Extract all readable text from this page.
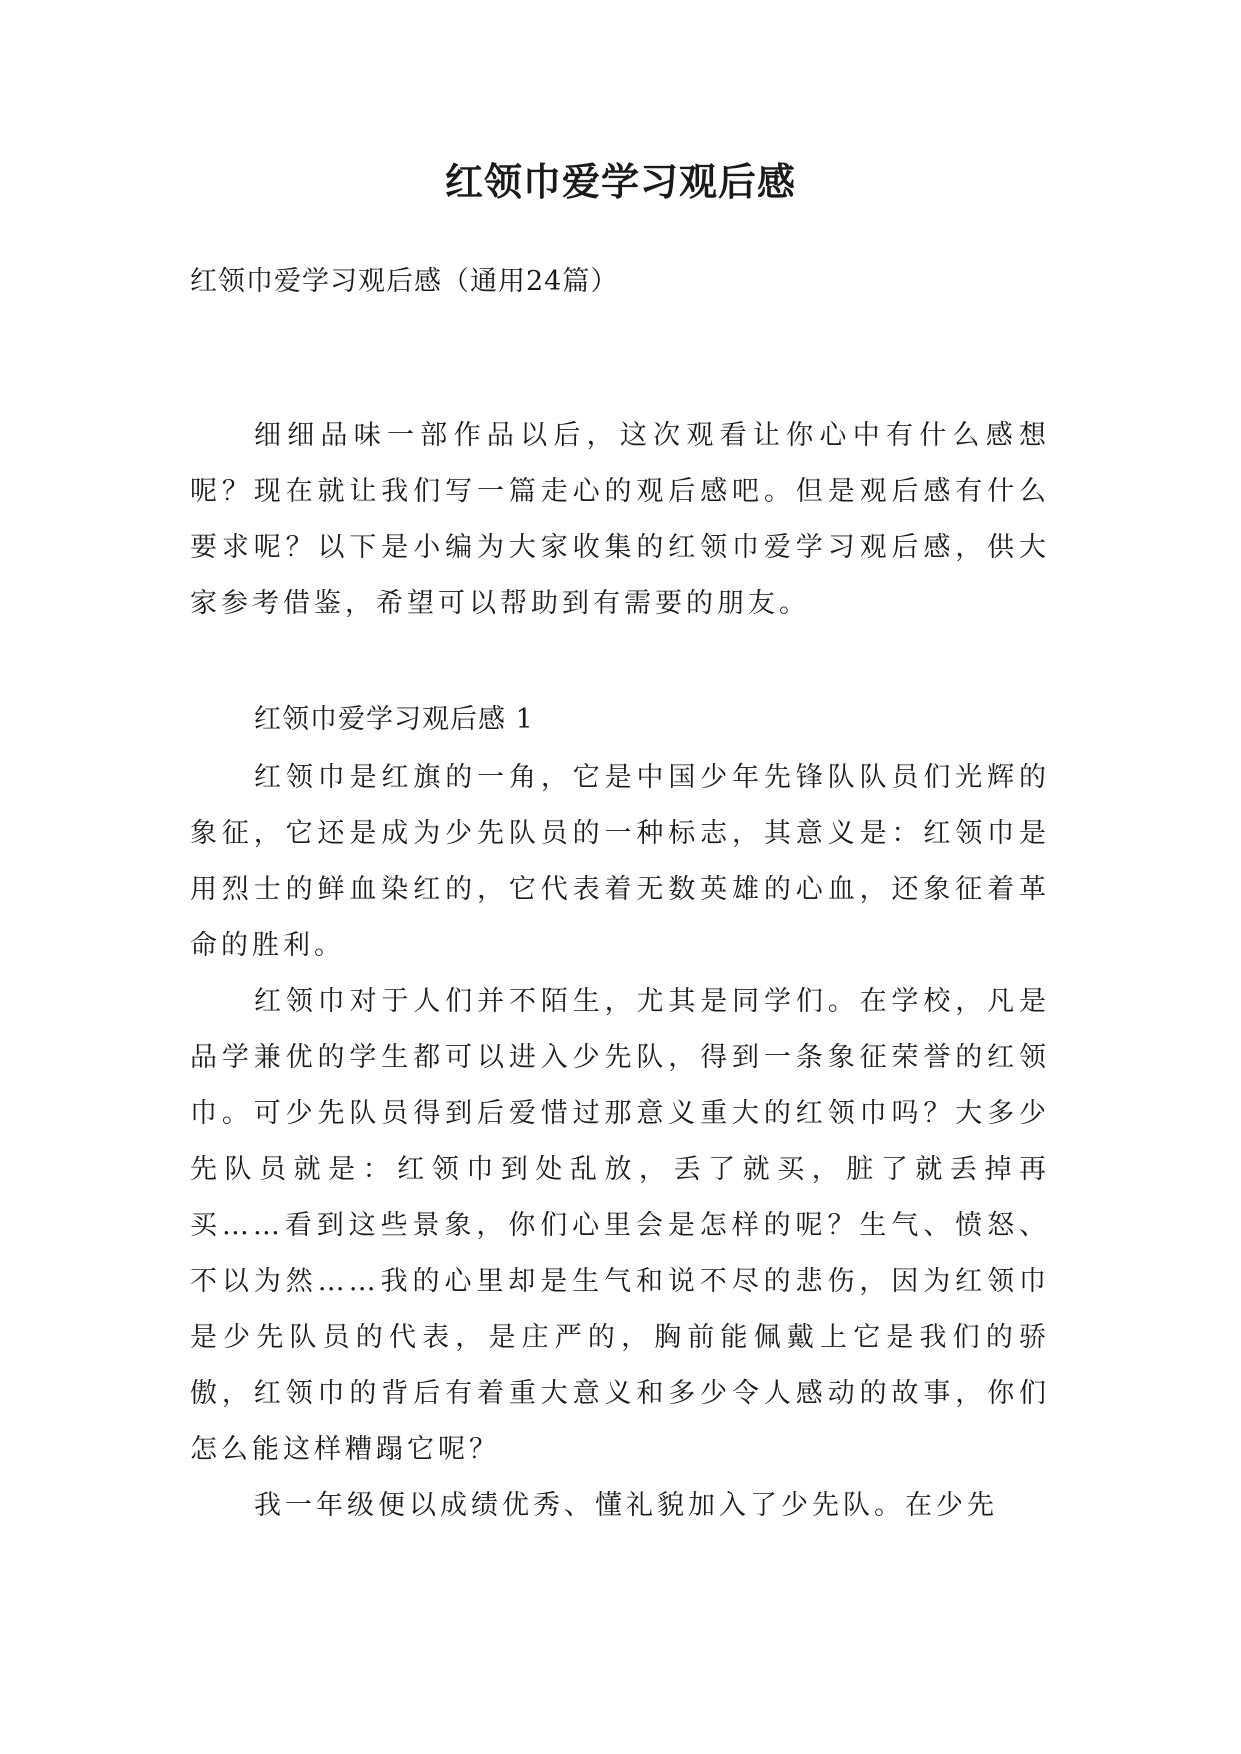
红领巾爱学习观后感

红领巾爱学习观后感（通用24篇）

细细品味一部作品以后，这次观看让你心中有什么感想呢？现在就让我们写一篇走心的观后感吧。但是观后感有什么要求呢？以下是小编为大家收集的红领巾爱学习观后感，供大家参考借鉴，希望可以帮助到有需要的朋友。

红领巾爱学习观后感 1

红领巾是红旗的一角，它是中国少年先锋队队员们光辉的象征，它还是成为少先队员的一种标志，其意义是：红领巾是用烈士的鲜血染红的，它代表着无数英雄的心血，还象征着革命的胜利。

红领巾对于人们并不陌生，尤其是同学们。在学校，凡是品学兼优的学生都可以进入少先队，得到一条象征荣誉的红领巾。可少先队员得到后爱惜过那意义重大的红领巾吗？大多少先队员就是：红领巾到处乱放，丢了就买，脏了就丢掉再买……看到这些景象，你们心里会是怎样的呢？生气、愤怒、不以为然……我的心里却是生气和说不尽的悲伤，因为红领巾是少先队员的代表，是庄严的，胸前能佩戴上它是我们的骄傲，红领巾的背后有着重大意义和多少令人感动的故事，你们怎么能这样糟蹋它呢？

我一年级便以成绩优秀、懂礼貌加入了少先队。在少先
